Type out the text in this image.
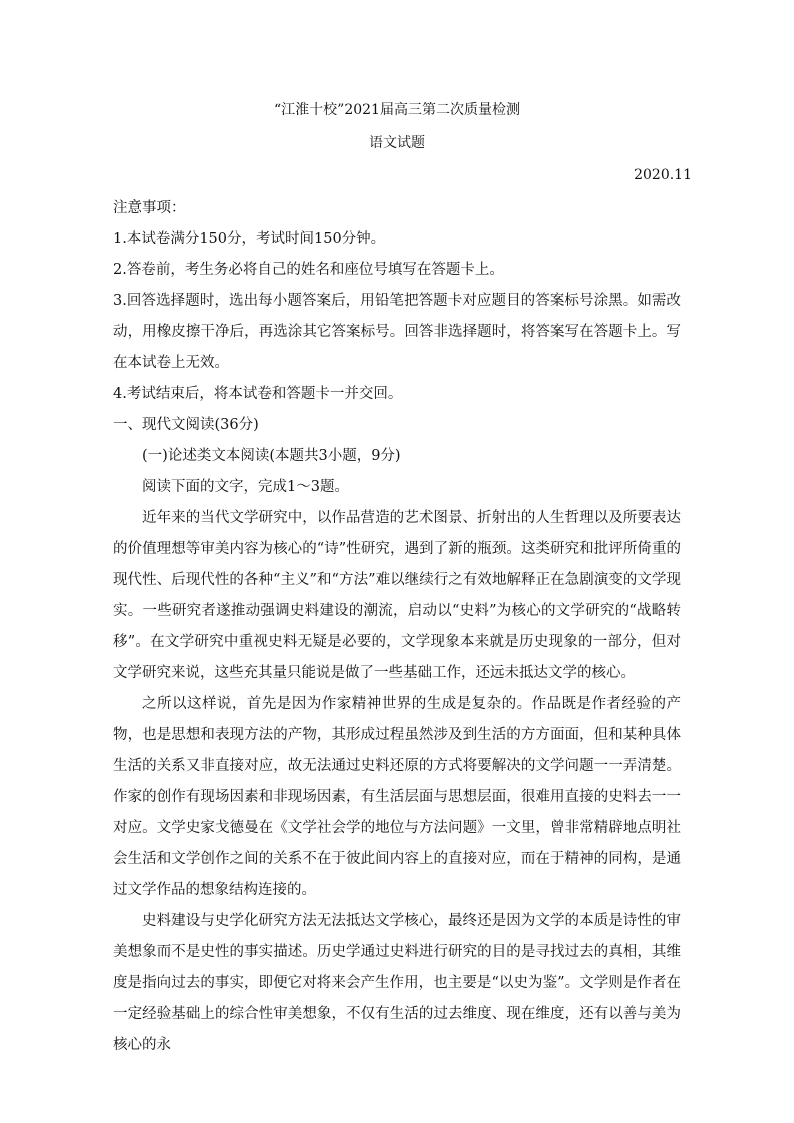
“江淮十校”2021届高三第二次质量检测
语文试题
2020.11
注意事项：
1.本试卷满分150分，考试时间150分钟。
2.答卷前，考生务必将自己的姓名和座位号填写在答题卡上。
3.回答选择题时，选出每小题答案后，用铅笔把答题卡对应题目的答案标号涂黑。如需改动，用橡皮擦干净后，再选涂其它答案标号。回答非选择题时，将答案写在答题卡上。写在本试卷上无效。
4.考试结束后，将本试卷和答题卡一并交回。
一、现代文阅读(36分)
(一)论述类文本阅读(本题共3小题，9分)
阅读下面的文字，完成1～3题。

近年来的当代文学研究中，以作品营造的艺术图景、折射出的人生哲理以及所要表达的价值理想等审美内容为核心的“诗”性研究，遇到了新的瓶颈。这类研究和批评所倚重的现代性、后现代性的各种“主义”和“方法”难以继续行之有效地解释正在急剧演变的文学现实。一些研究者遂推动强调史料建设的潮流，启动以“史料”为核心的文学研究的“战略转移”。在文学研究中重视史料无疑是必要的，文学现象本来就是历史现象的一部分，但对文学研究来说，这些充其量只能说是做了一些基础工作，还远未抵达文学的核心。

之所以这样说，首先是因为作家精神世界的生成是复杂的。作品既是作者经验的产物，也是思想和表现方法的产物，其形成过程虽然涉及到生活的方方面面，但和某种具体生活的关系又非直接对应，故无法通过史料还原的方式将要解决的文学问题一一弄清楚。作家的创作有现场因素和非现场因素，有生活层面与思想层面，很难用直接的史料去一一对应。文学史家戈德曼在《文学社会学的地位与方法问题》一文里，曾非常精辟地点明社会生活和文学创作之间的关系不在于彼此间内容上的直接对应，而在于精神的同构，是通过文学作品的想象结构连接的。

史料建设与史学化研究方法无法抵达文学核心，最终还是因为文学的本质是诗性的审美想象而不是史性的事实描述。历史学通过史料进行研究的目的是寻找过去的真相，其维度是指向过去的事实，即便它对将来会产生作用，也主要是“以史为鉴”。文学则是作者在一定经验基础上的综合性审美想象，不仅有生活的过去维度、现在维度，还有以善与美为核心的永
